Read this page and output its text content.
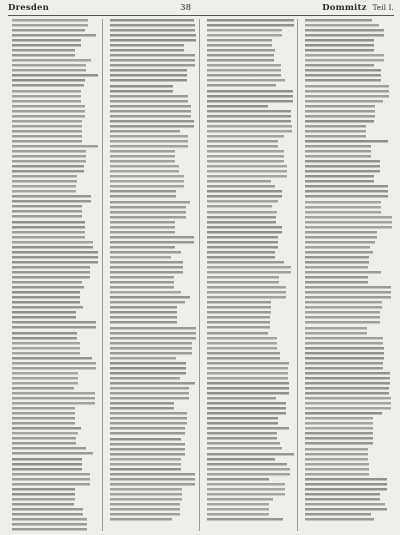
Dresden	38	Dommitz Teil I.
